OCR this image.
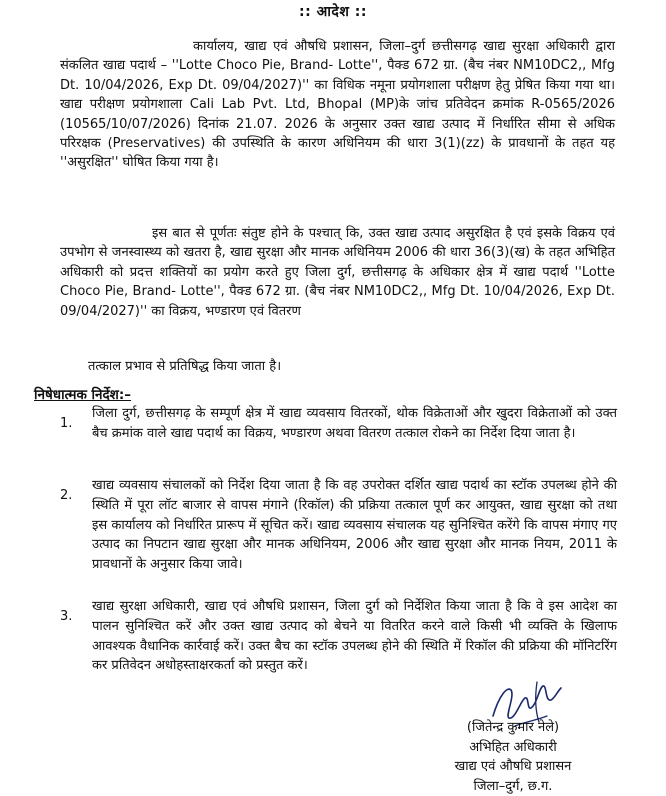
:: आदेश ::
कार्यालय, खाद्य एवं औषधि प्रशासन, जिला–दुर्ग छत्तीसगढ़ खाद्य सुरक्षा अधिकारी द्वारा संकलित खाद्य पदार्थ – ''Lotte Choco Pie, Brand- Lotte'', पैक्ड 672 ग्रा. (बैच नंबर NM10DC2,, Mfg Dt. 10/04/2026, Exp Dt. 09/04/2027)'' का विधिक नमूना प्रयोगशाला परीक्षण हेतु प्रेषित किया गया था। खाद्य परीक्षण प्रयोगशाला Cali Lab Pvt. Ltd, Bhopal (MP)के जांच प्रतिवेदन क्रमांक R-0565/2026 (10565/10/07/2026) दिनांक 21.07. 2026 के अनुसार उक्त खाद्य उत्पाद में निर्धारित सीमा से अधिक परिरक्षक (Preservatives) की उपस्थिति के कारण अधिनियम की धारा 3(1)(zz) के प्रावधानों के तहत यह ''असुरक्षित'' घोषित किया गया है।
इस बात से पूर्णतः संतुष्ट होने के पश्चात् कि, उक्त खाद्य उत्पाद असुरक्षित है एवं इसके विक्रय एवं उपभोग से जनस्वास्थ्य को खतरा है, खाद्य सुरक्षा और मानक अधिनियम 2006 की धारा 36(3)(ख) के तहत अभिहित अधिकारी को प्रदत्त शक्तियों का प्रयोग करते हुए जिला दुर्ग, छत्तीसगढ़ के अधिकार क्षेत्र में खाद्य पदार्थ ''Lotte Choco Pie, Brand- Lotte'', पैक्ड 672 ग्रा. (बैच नंबर NM10DC2,, Mfg Dt. 10/04/2026, Exp Dt. 09/04/2027)'' का विक्रय, भण्डारण एवं वितरण
तत्काल प्रभाव से प्रतिषिद्ध किया जाता है।
निषेधात्मक निर्देश:–
1.
जिला दुर्ग, छत्तीसगढ़ के सम्पूर्ण क्षेत्र में खाद्य व्यवसाय वितरकों, थोक विक्रेताओं और खुदरा विक्रेताओं को उक्त बैच क्रमांक वाले खाद्य पदार्थ का विक्रय, भण्डारण अथवा वितरण तत्काल रोकने का निर्देश दिया जाता है।
2.
खाद्य व्यवसाय संचालकों को निर्देश दिया जाता है कि वह उपरोक्त दर्शित खाद्य पदार्थ का स्टॉक उपलब्ध होने की स्थिति में पूरा लॉट बाजार से वापस मंगाने (रिकॉल) की प्रक्रिया तत्काल पूर्ण कर आयुक्त, खाद्य सुरक्षा को तथा इस कार्यालय को निर्धारित प्रारूप में सूचित करें। खाद्य व्यवसाय संचालक यह सुनिश्चित करेंगे कि वापस मंगाए गए उत्पाद का निपटान खाद्य सुरक्षा और मानक अधिनियम, 2006 और खाद्य सुरक्षा और मानक नियम, 2011 के प्रावधानों के अनुसार किया जावे।
3.
खाद्य सुरक्षा अधिकारी, खाद्य एवं औषधि प्रशासन, जिला दुर्ग को निर्देशित किया जाता है कि वे इस आदेश का पालन सुनिश्चित करें और उक्त खाद्य उत्पाद को बेचने या वितरित करने वाले किसी भी व्यक्ति के खिलाफ आवश्यक वैधानिक कार्रवाई करें। उक्त बैच का स्टॉक उपलब्ध होने की स्थिति में रिकॉल की प्रक्रिया की मॉनिटरिंग कर प्रतिवेदन अधोहस्ताक्षरकर्ता को प्रस्तुत करें।
(जितेन्द्र कुमार नेले)
अभिहित अधिकारी
खाद्य एवं औषधि प्रशासन
जिला–दुर्ग, छ.ग.
